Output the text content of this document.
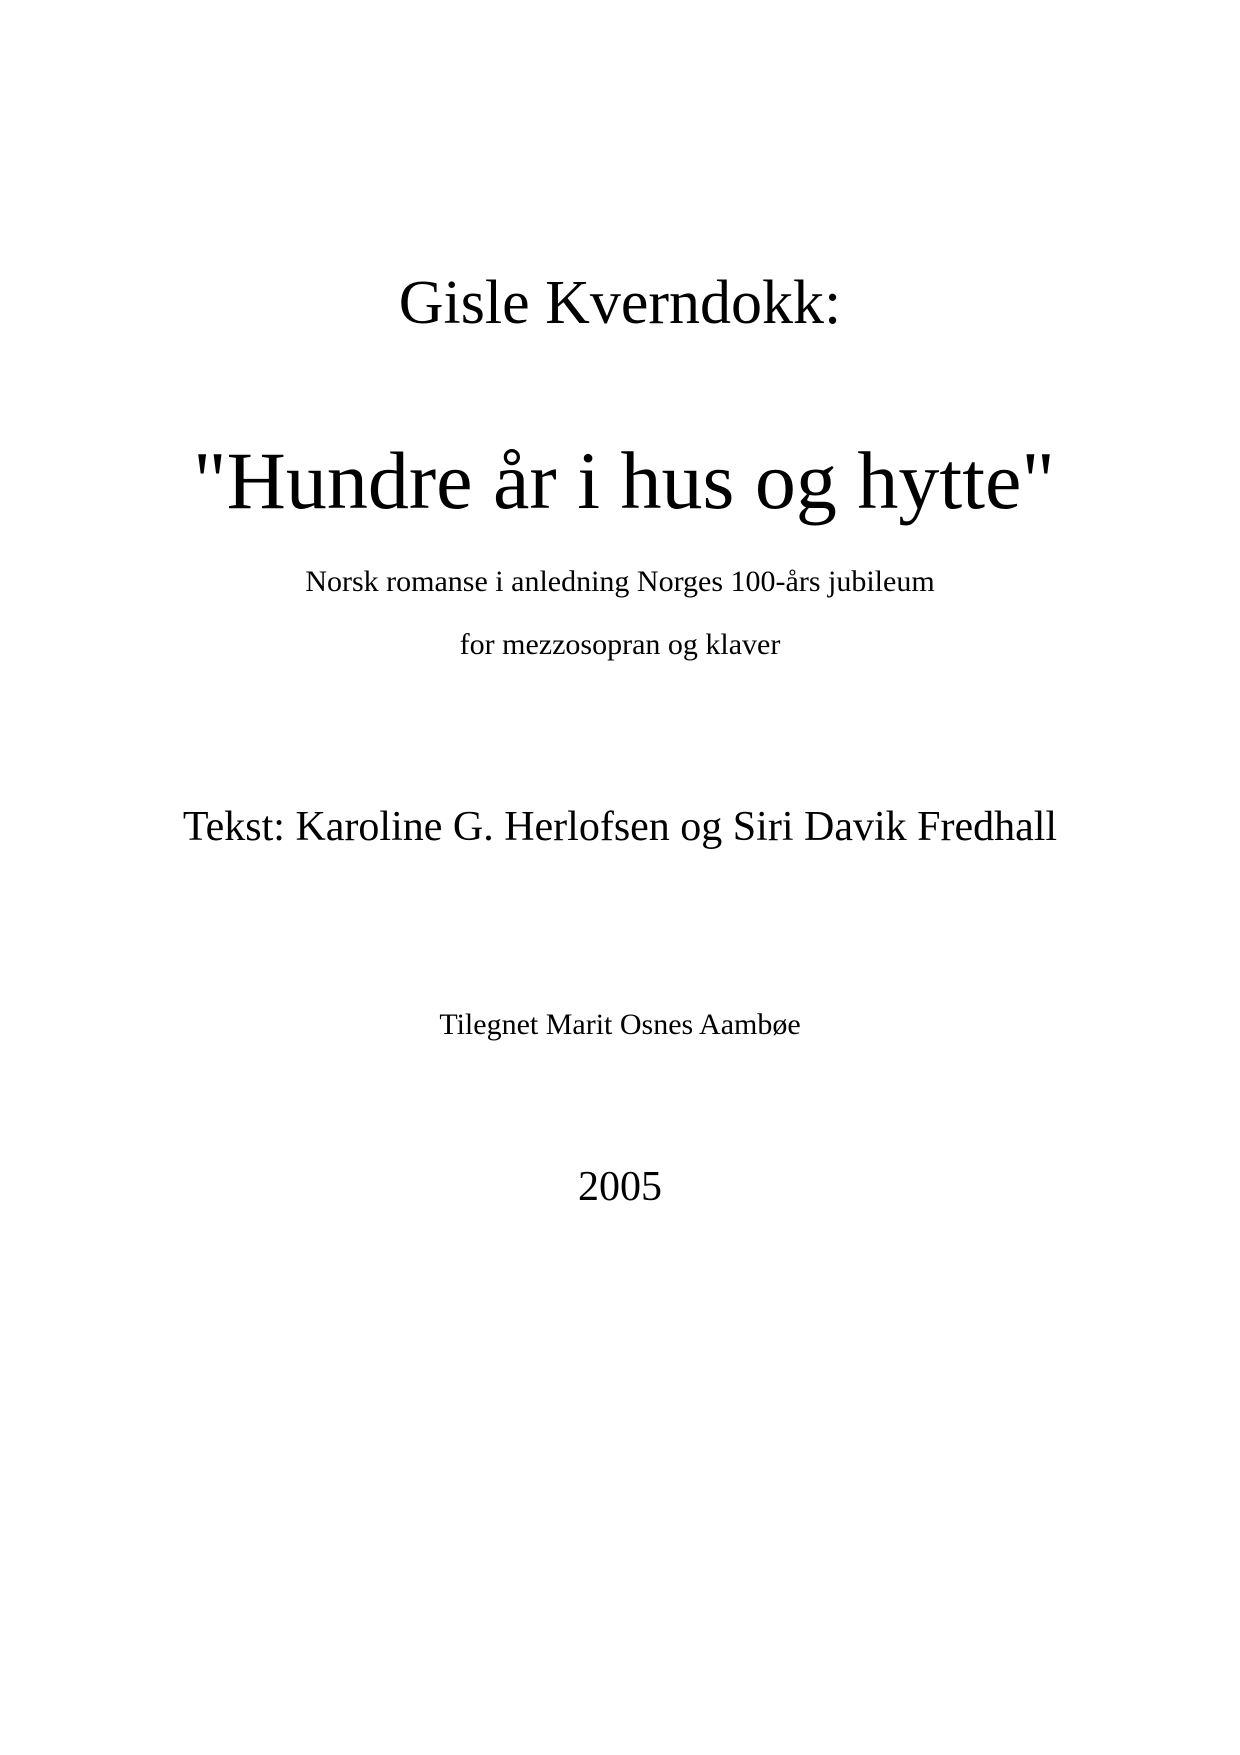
Gisle Kverndokk:
"Hundre år i hus og hytte"
Norsk romanse i anledning Norges 100-års jubileum
for mezzosopran og klaver
Tekst: Karoline G. Herlofsen og Siri Davik Fredhall
Tilegnet Marit Osnes Aambøe
2005
